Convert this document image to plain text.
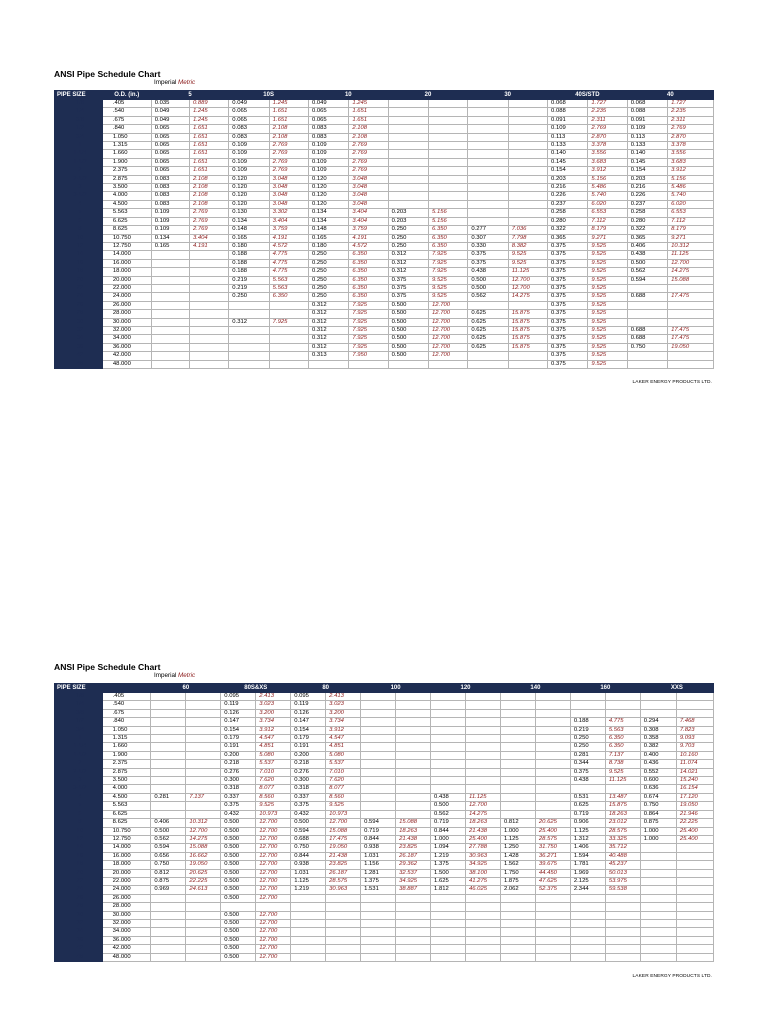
ANSI Pipe Schedule Chart
Imperial Metric
PIPE SIZE	O.D. (in.)	5		10S		10		20		30		40S/STD		40	
1/8	.405	0.035	0.889	0.049	1.245	0.049	1.245					0.068	1.727	0.068	1.727
1/4	.540	0.049	1.245	0.065	1.651	0.065	1.651					0.088	2.235	0.088	2.235
3/8	.675	0.049	1.245	0.065	1.651	0.065	1.651					0.091	2.311	0.091	2.311
1/2	.840	0.065	1.651	0.083	2.108	0.083	2.108					0.109	2.769	0.109	2.769
3/4	1.050	0.065	1.651	0.083	2.108	0.083	2.108					0.113	2.870	0.113	2.870
1	1.315	0.065	1.651	0.109	2.769	0.109	2.769					0.133	3.378	0.133	3.378
1-1/4	1.660	0.065	1.651	0.109	2.769	0.109	2.769					0.140	3.556	0.140	3.556
1-1/2	1.900	0.065	1.651	0.109	2.769	0.109	2.769					0.145	3.683	0.145	3.683
2	2.375	0.065	1.651	0.109	2.769	0.109	2.769					0.154	3.912	0.154	3.912
2-1/2	2.875	0.083	2.108	0.120	3.048	0.120	3.048					0.203	5.156	0.203	5.156
3	3.500	0.083	2.108	0.120	3.048	0.120	3.048					0.216	5.486	0.216	5.486
3-1/2	4.000	0.083	2.108	0.120	3.048	0.120	3.048					0.226	5.740	0.226	5.740
4	4.500	0.083	2.108	0.120	3.048	0.120	3.048					0.237	6.020	0.237	6.020
5	5.563	0.109	2.769	0.130	3.302	0.134	3.404	0.203	5.156			0.258	6.553	0.258	6.553
6	6.625	0.109	2.769	0.134	3.404	0.134	3.404	0.203	5.156			0.280	7.112	0.280	7.112
8	8.625	0.109	2.769	0.148	3.759	0.148	3.759	0.250	6.350	0.277	7.036	0.322	8.179	0.322	8.179
10	10.750	0.134	3.404	0.165	4.191	0.165	4.191	0.250	6.350	0.307	7.798	0.365	9.271	0.365	9.271
12	12.750	0.165	4.191	0.180	4.572	0.180	4.572	0.250	6.350	0.330	8.382	0.375	9.525	0.406	10.312
14	14.000			0.188	4.775	0.250	6.350	0.312	7.925	0.375	9.525	0.375	9.525	0.438	11.125
16	16.000			0.188	4.775	0.250	6.350	0.312	7.925	0.375	9.525	0.375	9.525	0.500	12.700
18	18.000			0.188	4.775	0.250	6.350	0.312	7.925	0.438	11.125	0.375	9.525	0.562	14.275
20	20.000			0.219	5.563	0.250	6.350	0.375	9.525	0.500	12.700	0.375	9.525	0.594	15.088
22	22.000			0.219	5.563	0.250	6.350	0.375	9.525	0.500	12.700	0.375	9.525		
24	24.000			0.250	6.350	0.250	6.350	0.375	9.525	0.562	14.275	0.375	9.525	0.688	17.475
26	26.000					0.312	7.925	0.500	12.700			0.375	9.525		
28	28.000					0.312	7.925	0.500	12.700	0.625	15.875	0.375	9.525		
30	30.000			0.312	7.925	0.312	7.925	0.500	12.700	0.625	15.875	0.375	9.525		
32	32.000					0.312	7.925	0.500	12.700	0.625	15.875	0.375	9.525	0.688	17.475
34	34.000					0.312	7.925	0.500	12.700	0.625	15.875	0.375	9.525	0.688	17.475
36	36.000					0.312	7.925	0.500	12.700	0.625	15.875	0.375	9.525	0.750	19.050
42	42.000					0.313	7.950	0.500	12.700			0.375	9.525		
48	48.000											0.375	9.525		
LAKER ENERGY PRODUCTS LTD.
ANSI Pipe Schedule Chart
Imperial Metric
PIPE SIZE		60		80S&XS		80		100		120		140		160		XXS	
1/8	.405			0.095	2.413	0.095	2.413										
1/4	.540			0.119	3.023	0.119	3.023										
3/8	.675			0.126	3.200	0.126	3.200										
1/2	.840			0.147	3.734	0.147	3.734							0.188	4.775	0.294	7.468
3/4	1.050			0.154	3.912	0.154	3.912							0.219	5.563	0.308	7.823
1	1.315			0.179	4.547	0.179	4.547							0.250	6.350	0.358	9.093
1-1/4	1.660			0.191	4.851	0.191	4.851							0.250	6.350	0.382	9.703
1-1/2	1.900			0.200	5.080	0.200	5.080							0.281	7.137	0.400	10.160
2	2.375			0.218	5.537	0.218	5.537							0.344	8.738	0.436	11.074
2-1/2	2.875			0.276	7.010	0.276	7.010							0.375	9.525	0.552	14.021
3	3.500			0.300	7.620	0.300	7.620							0.438	11.125	0.600	15.240
3-1/2	4.000			0.318	8.077	0.318	8.077									0.636	16.154
4	4.500	0.281	7.137	0.337	8.560	0.337	8.560			0.438	11.125			0.531	13.487	0.674	17.120
5	5.563			0.375	9.525	0.375	9.525			0.500	12.700			0.625	15.875	0.750	19.050
6	6.625			0.432	10.973	0.432	10.973			0.562	14.275			0.719	18.263	0.864	21.946
8	8.625	0.406	10.312	0.500	12.700	0.500	12.700	0.594	15.088	0.719	18.263	0.812	20.625	0.906	23.012	0.875	22.225
10	10.750	0.500	12.700	0.500	12.700	0.594	15.088	0.719	18.263	0.844	21.438	1.000	25.400	1.125	28.575	1.000	25.400
12	12.750	0.562	14.275	0.500	12.700	0.688	17.475	0.844	21.438	1.000	25.400	1.125	28.575	1.312	33.325	1.000	25.400
14	14.000	0.594	15.088	0.500	12.700	0.750	19.050	0.938	23.825	1.094	27.788	1.250	31.750	1.406	35.712		
16	16.000	0.656	16.662	0.500	12.700	0.844	21.438	1.031	26.187	1.219	30.963	1.428	36.271	1.594	40.488		
18	18.000	0.750	19.050	0.500	12.700	0.938	23.825	1.156	29.362	1.375	34.925	1.562	39.675	1.781	45.237		
20	20.000	0.812	20.625	0.500	12.700	1.031	26.187	1.281	32.537	1.500	38.100	1.750	44.450	1.969	50.013		
22	22.000	0.875	22.225	0.500	12.700	1.125	28.575	1.375	34.925	1.625	41.275	1.875	47.625	2.125	53.975		
24	24.000	0.969	24.613	0.500	12.700	1.219	30.963	1.531	38.887	1.812	46.025	2.062	52.375	2.344	59.538		
26	26.000			0.500	12.700												
28	28.000																
30	30.000			0.500	12.700												
32	32.000			0.500	12.700												
34	34.000			0.500	12.700												
36	36.000			0.500	12.700												
42	42.000			0.500	12.700												
48	48.000			0.500	12.700												
LAKER ENERGY PRODUCTS LTD.
